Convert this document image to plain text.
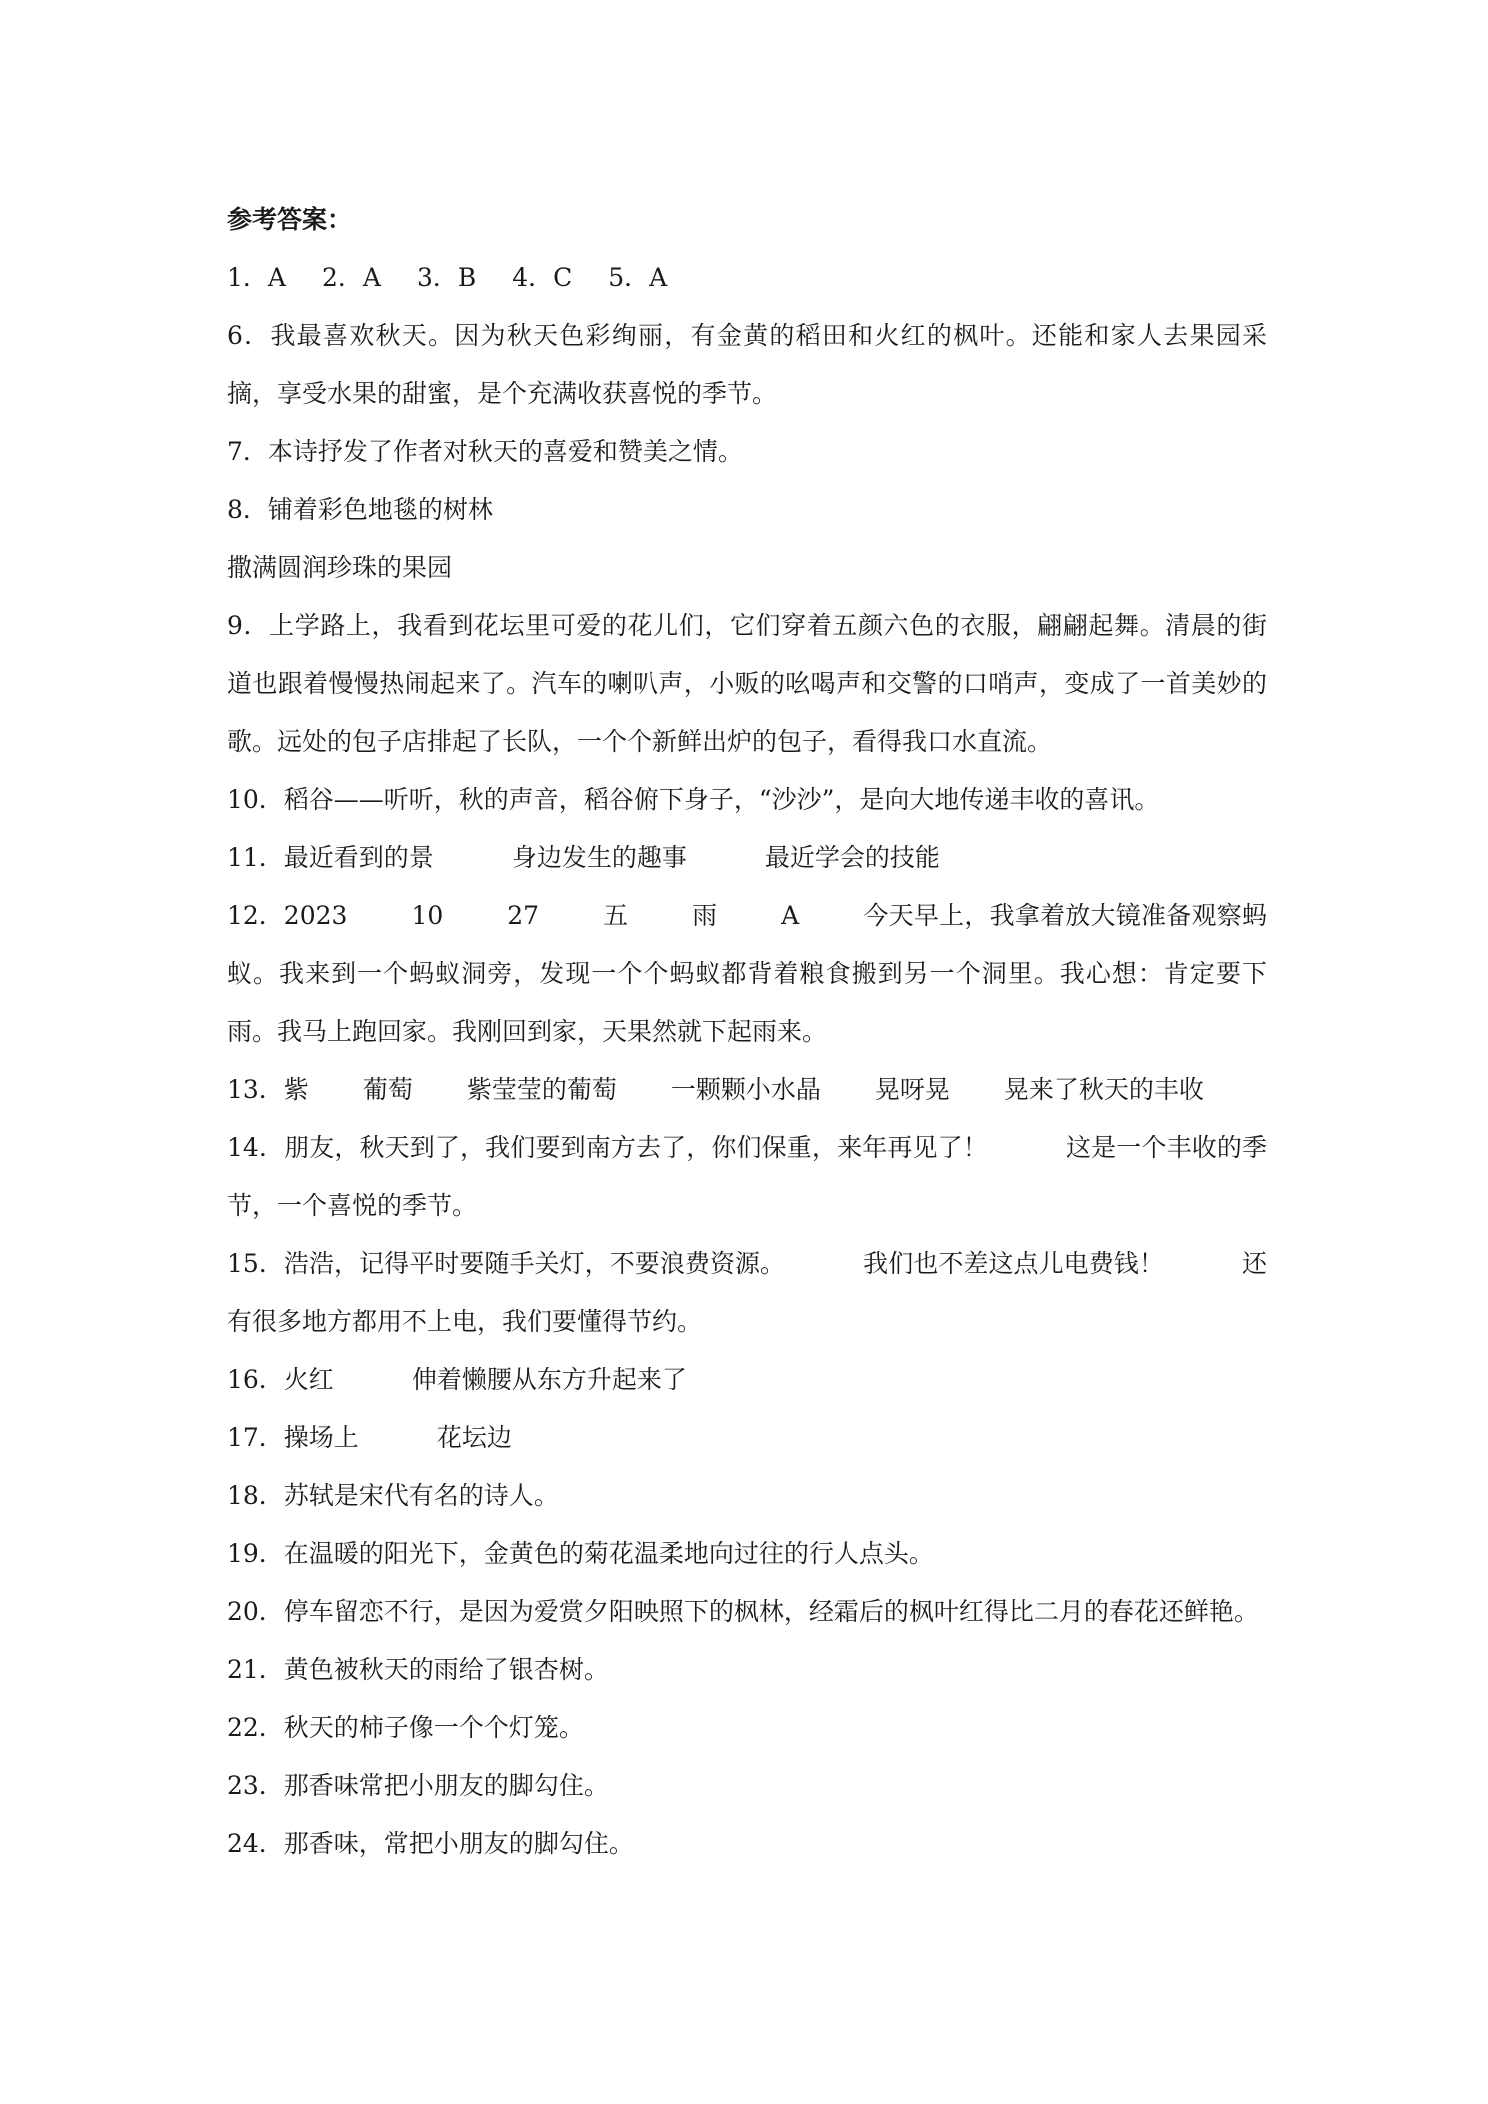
参考答案：
1．A 2．A 3．B 4．C 5．A
6．我最喜欢秋天。因为秋天色彩绚丽，有金黄的稻田和火红的枫叶。还能和家人去果园采摘，享受水果的甜蜜，是个充满收获喜悦的季节。
7．本诗抒发了作者对秋天的喜爱和赞美之情。
8．铺着彩色地毯的树林
撒满圆润珍珠的果园
9．上学路上，我看到花坛里可爱的花儿们，它们穿着五颜六色的衣服，翩翩起舞。清晨的街道也跟着慢慢热闹起来了。汽车的喇叭声，小贩的吆喝声和交警的口哨声，变成了一首美妙的歌。远处的包子店排起了长队，一个个新鲜出炉的包子，看得我口水直流。
10．稻谷——听听，秋的声音，稻谷俯下身子，“沙沙”，是向大地传递丰收的喜讯。
11．最近看到的景	身边发生的趣事	最近学会的技能
12．2023	10	27	五	雨	A	今天早上，我拿着放大镜准备观察蚂蚁。我来到一个蚂蚁洞旁，发现一个个蚂蚁都背着粮食搬到另一个洞里。我心想：肯定要下雨。我马上跑回家。我刚回到家，天果然就下起雨来。
13．紫 葡萄 紫莹莹的葡萄 一颗颗小水晶 晃呀晃 晃来了秋天的丰收
14．朋友，秋天到了，我们要到南方去了，你们保重，来年再见了！	这是一个丰收的季节，一个喜悦的季节。
15．浩浩，记得平时要随手关灯，不要浪费资源。	我们也不差这点儿电费钱！	还有很多地方都用不上电，我们要懂得节约。
16．火红	伸着懒腰从东方升起来了
17．操场上	花坛边
18．苏轼是宋代有名的诗人。
19．在温暖的阳光下，金黄色的菊花温柔地向过往的行人点头。
20．停车留恋不行，是因为爱赏夕阳映照下的枫林，经霜后的枫叶红得比二月的春花还鲜艳。
21．黄色被秋天的雨给了银杏树。
22．秋天的柿子像一个个灯笼。
23．那香味常把小朋友的脚勾住。
24．那香味，常把小朋友的脚勾住。
